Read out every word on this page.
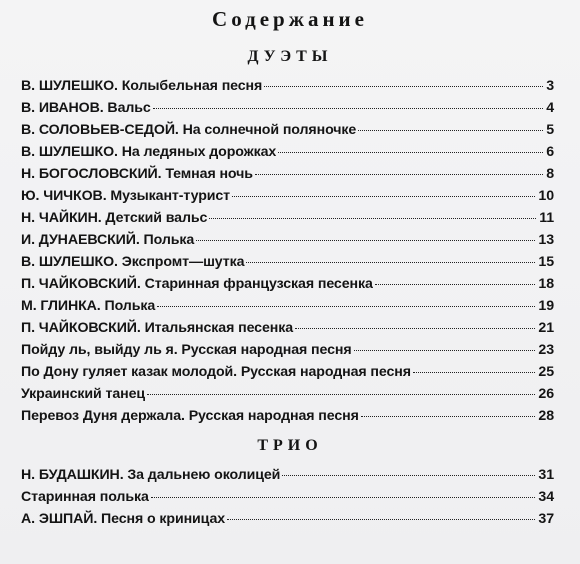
Содержание
ДУЭТЫ
В. ШУЛЕШКО. Колыбельная песня	3
В. ИВАНОВ. Вальс	4
В. СОЛОВЬЕВ-СЕДОЙ. На солнечной поляночке	5
В. ШУЛЕШКО. На ледяных дорожках	6
Н. БОГОСЛОВСКИЙ. Темная ночь	8
Ю. ЧИЧКОВ. Музыкант-турист	10
Н. ЧАЙКИН. Детский вальс	11
И. ДУНАЕВСКИЙ. Полька	13
В. ШУЛЕШКО. Экспромт—шутка	15
П. ЧАЙКОВСКИЙ. Старинная французская песенка	18
М. ГЛИНКА. Полька	19
П. ЧАЙКОВСКИЙ. Итальянская песенка	21
Пойду ль, выйду ль я. Русская народная песня	23
По Дону гуляет казак молодой. Русская народная песня	25
Украинский танец	26
Перевоз Дуня держала. Русская народная песня	28
ТРИО
Н. БУДАШКИН. За дальнею околицей	31
Старинная полька	34
А. ЭШПАЙ. Песня о криницах	37
